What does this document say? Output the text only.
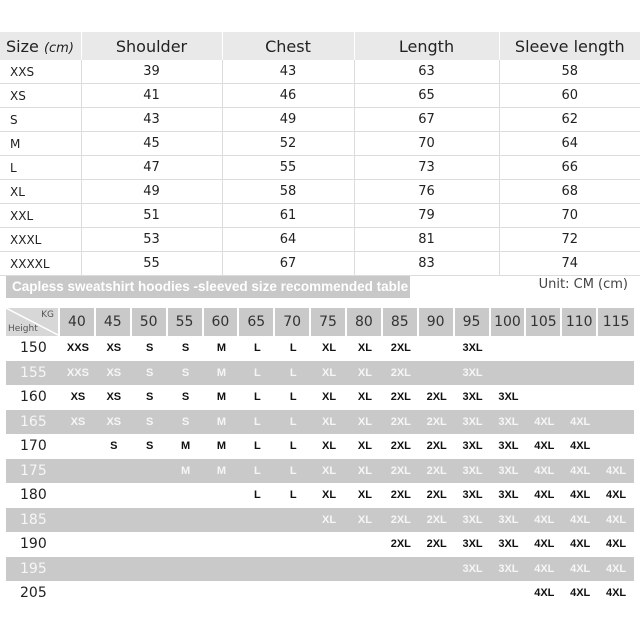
Size (cm)	Shoulder	Chest	Length	Sleeve length
XXS	39	43	63	58
XS	41	46	65	60
S	43	49	67	62
M	45	52	70	64
L	47	55	73	66
XL	49	58	76	68
XXL	51	61	79	70
XXXL	53	64	81	72
XXXXL	55	67	83	74
Capless sweatshirt hoodies -sleeved size recommended table	Unit: CM (cm)
KG
Height	40	45	50	55	60	65	70	75	80	85	90	95	100	105	110	115
150	XXS	XS	S	S	M	L	L	XL	XL	2XL		3XL				
155	XXS	XS	S	S	M	L	L	XL	XL	2XL		3XL				
160	XS	XS	S	S	M	L	L	XL	XL	2XL	2XL	3XL	3XL			
165	XS	XS	S	S	M	L	L	XL	XL	2XL	2XL	3XL	3XL	4XL	4XL	
170		S	S	M	M	L	L	XL	XL	2XL	2XL	3XL	3XL	4XL	4XL	
175				M	M	L	L	XL	XL	2XL	2XL	3XL	3XL	4XL	4XL	4XL
180						L	L	XL	XL	2XL	2XL	3XL	3XL	4XL	4XL	4XL
185								XL	XL	2XL	2XL	3XL	3XL	4XL	4XL	4XL
190										2XL	2XL	3XL	3XL	4XL	4XL	4XL
195												3XL	3XL	4XL	4XL	4XL
205														4XL	4XL	4XL
